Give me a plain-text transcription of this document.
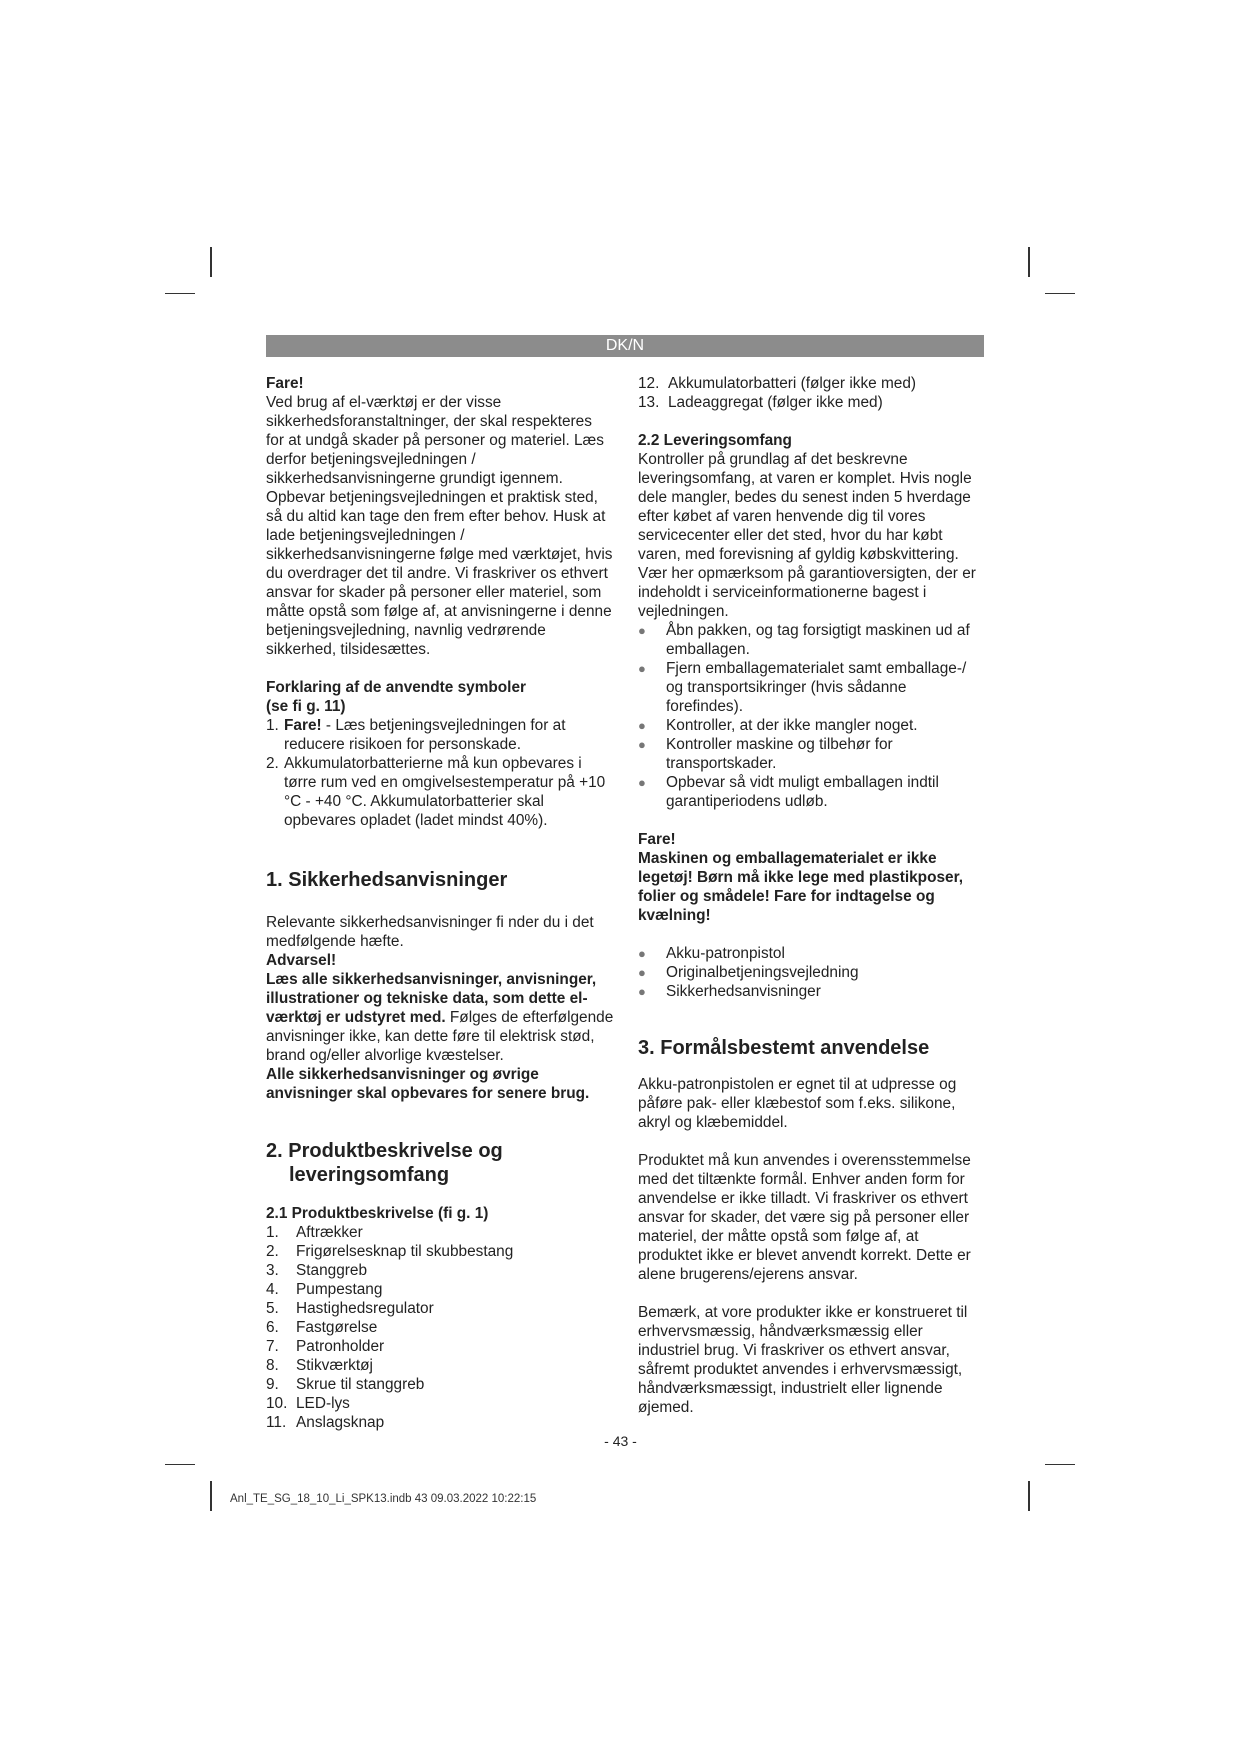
DK/N

Fare!

Ved brug af el-værktøj er der visse sikkerhedsforanstaltninger, der skal respekteres for at undgå skader på personer og materiel. Læs derfor betjeningsvejledningen / sikkerhedsanvisningerne grundigt igennem. Opbevar betjeningsvejledningen et praktisk sted, så du altid kan tage den frem efter behov. Husk at lade betjeningsvejledningen / sikkerhedsanvisningerne følge med værktøjet, hvis du overdrager det til andre. Vi fraskriver os ethvert ansvar for skader på personer eller materiel, som måtte opstå som følge af, at anvisningerne i denne betjeningsvejledning, navnlig vedrørende sikkerhed, tilsidesættes.

Forklaring af de anvendte symboler

(se fi g. 11)

1. Fare! - Læs betjeningsvejledningen for at reducere risikoen for personskade.
2. Akkumulatorbatterierne må kun opbevares i tørre rum ved en omgivelsestemperatur på +10 °C - +40 °C. Akkumulatorbatterier skal opbevares opladet (ladet mindst 40%).

1. Sikkerhedsanvisninger

Relevante sikkerhedsanvisninger fi nder du i det medfølgende hæfte.

Advarsel!

Læs alle sikkerhedsanvisninger, anvisninger, illustrationer og tekniske data, som dette el-værktøj er udstyret med. Følges de efterfølgende anvisninger ikke, kan dette føre til elektrisk stød, brand og/eller alvorlige kvæstelser.

Alle sikkerhedsanvisninger og øvrige anvisninger skal opbevares for senere brug.

2. Produktbeskrivelse og

leveringsomfang

2.1 Produktbeskrivelse (fi g. 1)

1.	Aftrækker
2.	Frigørelsesknap til skubbestang
3.	Stanggreb
4.	Pumpestang
5.	Hastighedsregulator
6.	Fastgørelse
7.	Patronholder
8.	Stikværktøj
9.	Skrue til stanggreb
10. LED-lys
11. Anslagsknap
12. Akkumulatorbatteri (følger ikke med)
13. Ladeaggregat (følger ikke med)

2.2 Leveringsomfang

Kontroller på grundlag af det beskrevne leveringsomfang, at varen er komplet. Hvis nogle dele mangler, bedes du senest inden 5 hverdage efter købet af varen henvende dig til vores servicecenter eller det sted, hvor du har købt varen, med forevisning af gyldig købskvittering. Vær her opmærksom på garantioversigten, der er indeholdt i serviceinformationerne bagest i vejledningen.

●	Åbn pakken, og tag forsigtigt maskinen ud af emballagen.
●	Fjern emballagematerialet samt emballage-/ og transportsikringer (hvis sådanne forefindes).
●	Kontroller, at der ikke mangler noget.
●	Kontroller maskine og tilbehør for transportskader.
●	Opbevar så vidt muligt emballagen indtil garantiperiodens udløb.

Fare!

Maskinen og emballagematerialet er ikke legetøj! Børn må ikke lege med plastikposer, folier og smådele! Fare for indtagelse og kvælning!

●	Akku-patronpistol
●	Originalbetjeningsvejledning
●	Sikkerhedsanvisninger

3. Formålsbestemt anvendelse

Akku-patronpistolen er egnet til at udpresse og påføre pak- eller klæbestof som f.eks. silikone, akryl og klæbemiddel.

Produktet må kun anvendes i overensstemmelse med det tiltænkte formål. Enhver anden form for anvendelse er ikke tilladt. Vi fraskriver os ethvert ansvar for skader, det være sig på personer eller materiel, der måtte opstå som følge af, at produktet ikke er blevet anvendt korrekt. Dette er alene brugerens/ejerens ansvar.

Bemærk, at vore produkter ikke er konstrueret til erhvervsmæssig, håndværksmæssig eller industriel brug. Vi fraskriver os ethvert ansvar, såfremt produktet anvendes i erhvervsmæssigt, håndværksmæssigt, industrielt eller lignende øjemed.

- 43 -
Anl_TE_SG_18_10_Li_SPK13.indb 43 09.03.2022 10:22:15
